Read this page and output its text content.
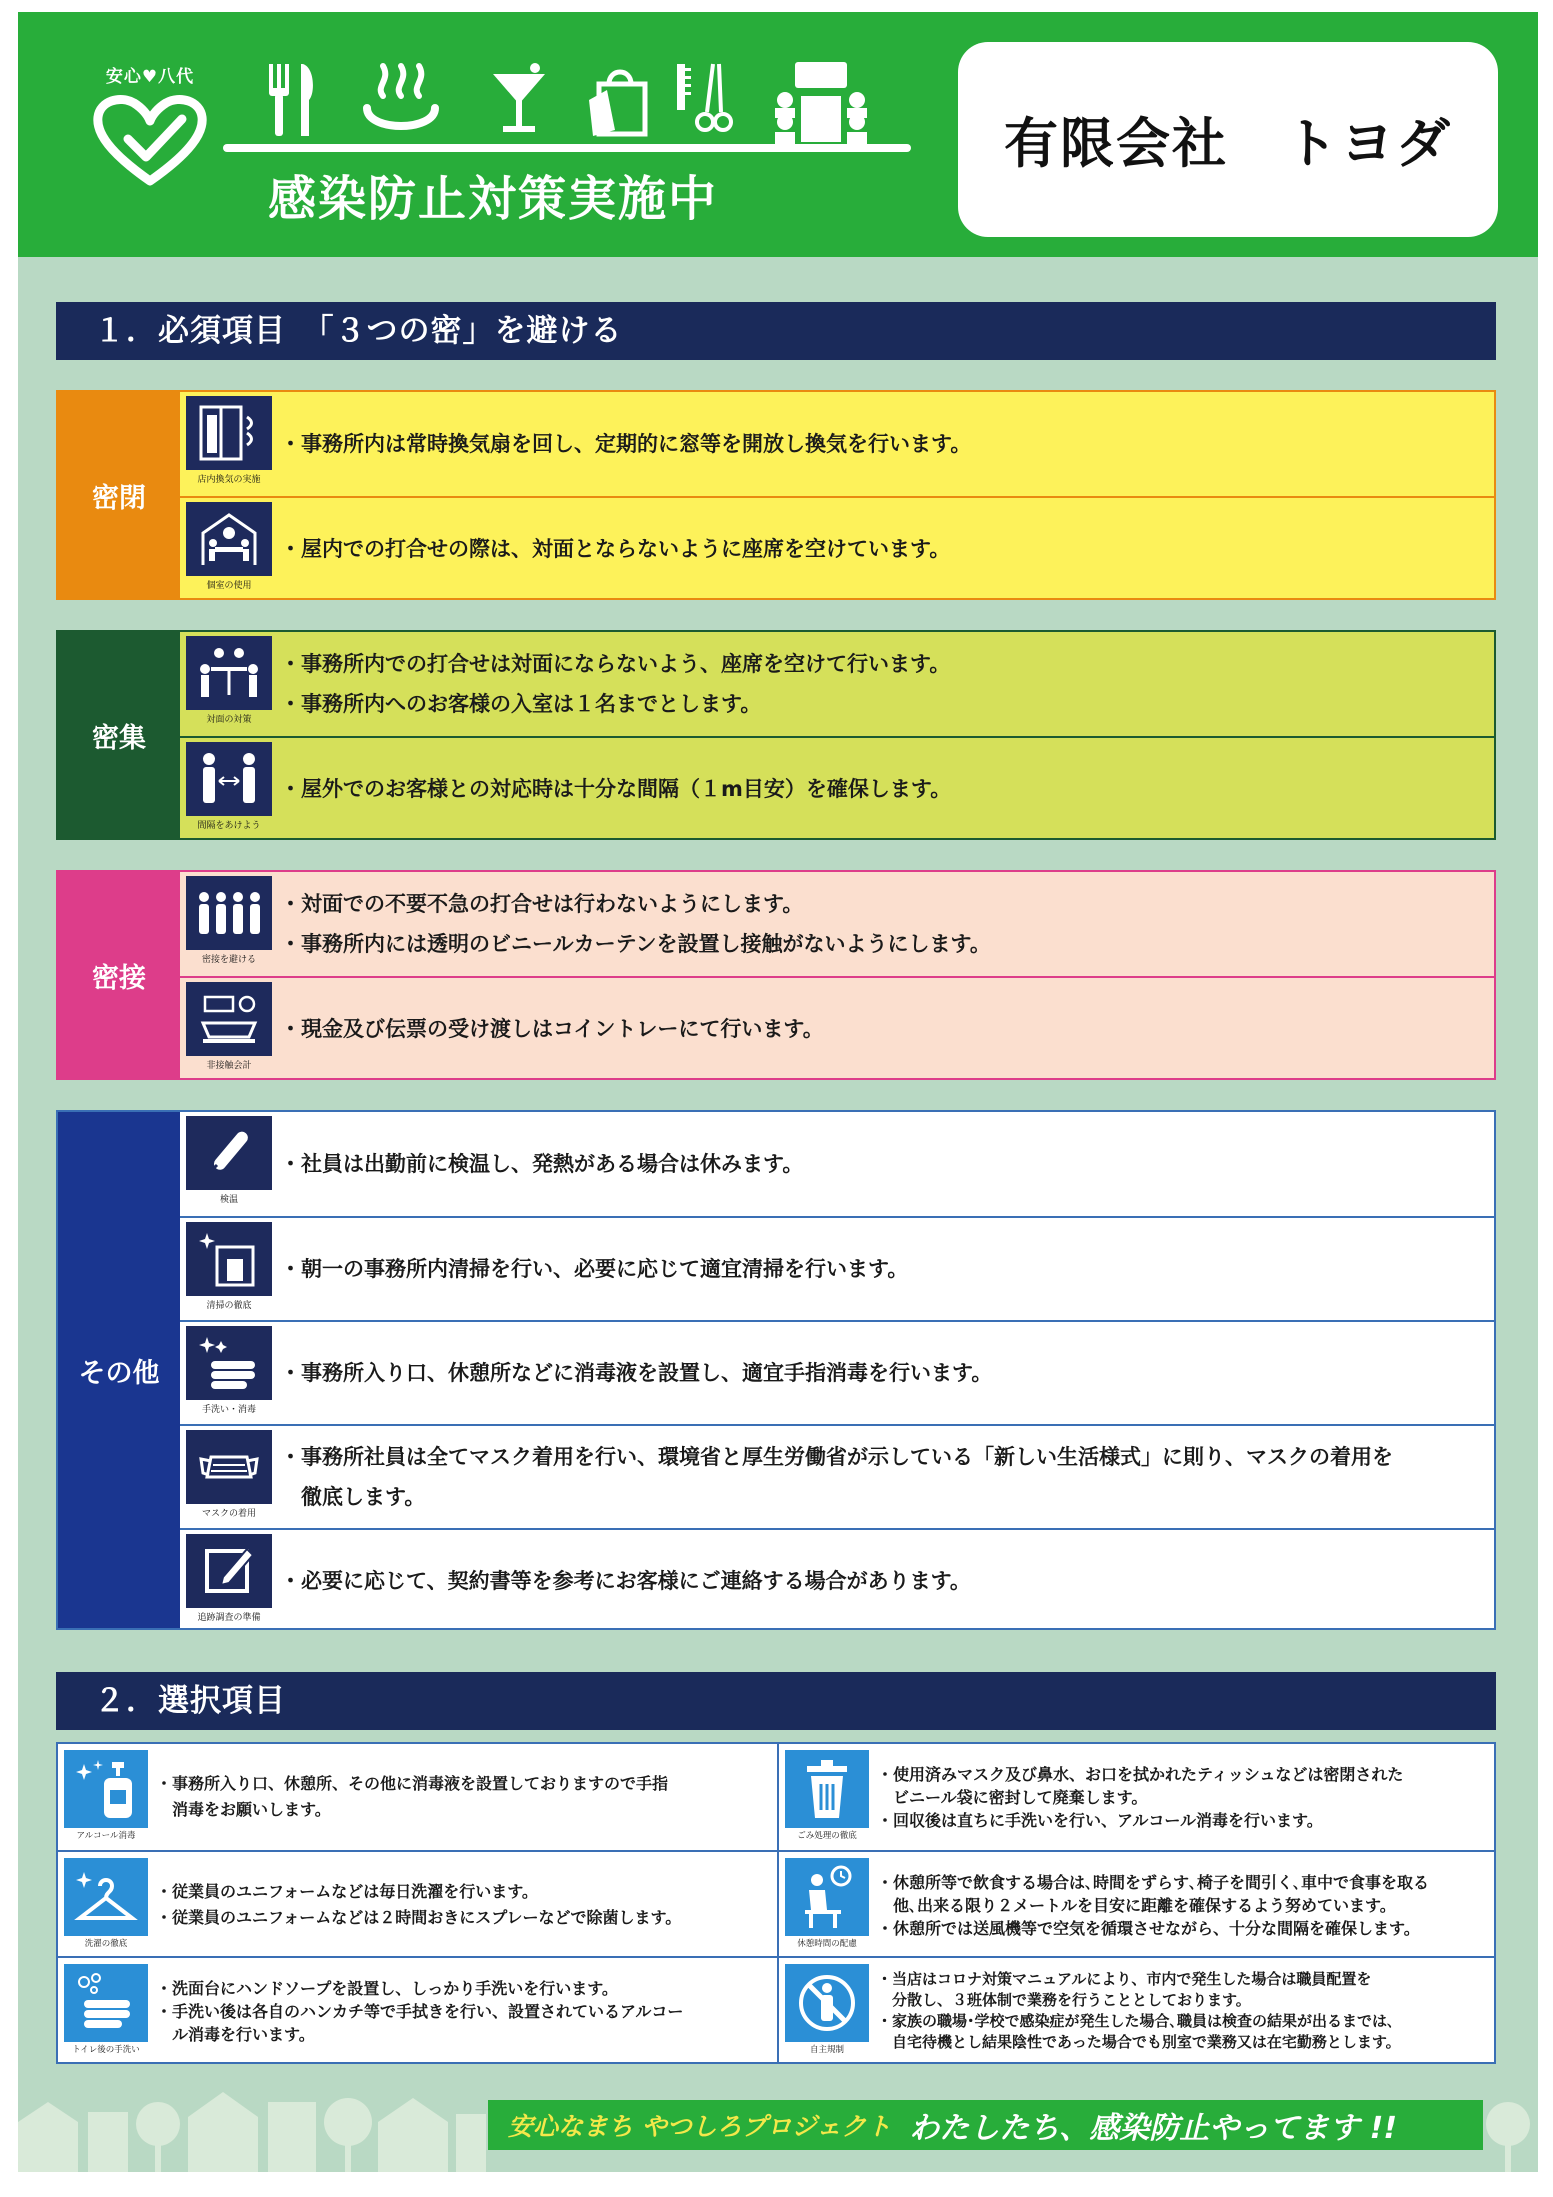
安心♥八代
感染防止対策実施中
有限会社　トヨダ
１．必須項目　「３つの密」を避ける
密閉
店内換気の実施

・事務所内は常時換気扇を回し、定期的に窓等を開放し換気を行います。

個室の使用

・屋内での打合せの際は、対面とならないように座席を空けています。

密集
対面の対策

・事務所内での打合せは対面にならないよう、座席を空けて行います。

・事務所内へのお客様の入室は１名までとします。

間隔をあけよう

・屋外でのお客様との対応時は十分な間隔（１m目安）を確保します。

密接
密接を避ける

・対面での不要不急の打合せは行わないようにします。

・事務所内には透明のビニールカーテンを設置し接触がないようにします。

非接触会計

・現金及び伝票の受け渡しはコイントレーにて行います。

その他
検温

・社員は出勤前に検温し、発熱がある場合は休みます。

清掃の徹底

・朝一の事務所内清掃を行い、必要に応じて適宜清掃を行います。

手洗い・消毒

・事務所入り口、休憩所などに消毒液を設置し、適宜手指消毒を行います。

マスクの着用

・事務所社員は全てマスク着用を行い、環境省と厚生労働省が示している「新しい生活様式」に則り、マスクの着用を

　徹底します。

追跡調査の準備

・必要に応じて、契約書等を参考にお客様にご連絡する場合があります。

２．選択項目
アルコール消毒

・事務所入り口、休憩所、その他に消毒液を設置しておりますので手指

　消毒をお願いします。

ごみ処理の徹底

・使用済みマスク及び鼻水、お口を拭かれたティッシュなどは密閉された

　ビニール袋に密封して廃棄します。

・回収後は直ちに手洗いを行い、アルコール消毒を行います。

洗濯の徹底

・従業員のユニフォームなどは毎日洗濯を行います。

・従業員のユニフォームなどは２時間おきにスプレーなどで除菌します。

休憩時間の配慮

・休憩所等で飲食する場合は､時間をずらす､椅子を間引く､車中で食事を取る

　他､出来る限り２メートルを目安に距離を確保するよう努めています。

・休憩所では送風機等で空気を循環させながら、十分な間隔を確保します。

トイレ後の手洗い

・洗面台にハンドソープを設置し、しっかり手洗いを行います。

・手洗い後は各自のハンカチ等で手拭きを行い、設置されているアルコー

　ル消毒を行います。

自主規制

・当店はコロナ対策マニュアルにより、市内で発生した場合は職員配置を

　分散し、３班体制で業務を行うこととしております。

・家族の職場･学校で感染症が発生した場合､職員は検査の結果が出るまでは､

　自宅待機とし結果陰性であった場合でも別室で業務又は在宅勤務とします。

安心なまち やつしろプロジェクト わたしたち、感染防止やってます !!
